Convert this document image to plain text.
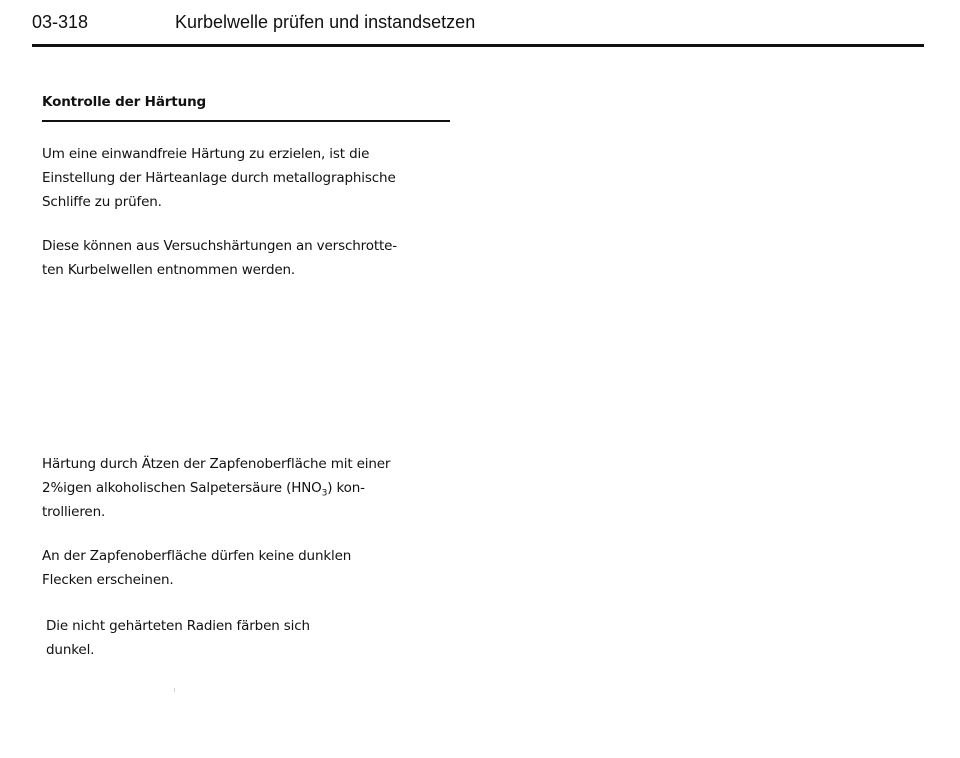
03-318	Kurbelwelle prüfen und instandsetzen
Kontrolle der Härtung

Um eine einwandfreie Härtung zu erzielen, ist die
Einstellung der Härteanlage durch metallographische
Schliffe zu prüfen.

Diese können aus Versuchshärtungen an verschrotte-
ten Kurbelwellen entnommen werden.

Härtung durch Ätzen der Zapfenoberfläche mit einer
2%igen alkoholischen Salpetersäure $(HNO_3)$ kon-
trollieren.

An der Zapfenoberfläche dürfen keine dunklen
Flecken erscheinen.

Die nicht gehärteten Radien färben sich
dunkel.
